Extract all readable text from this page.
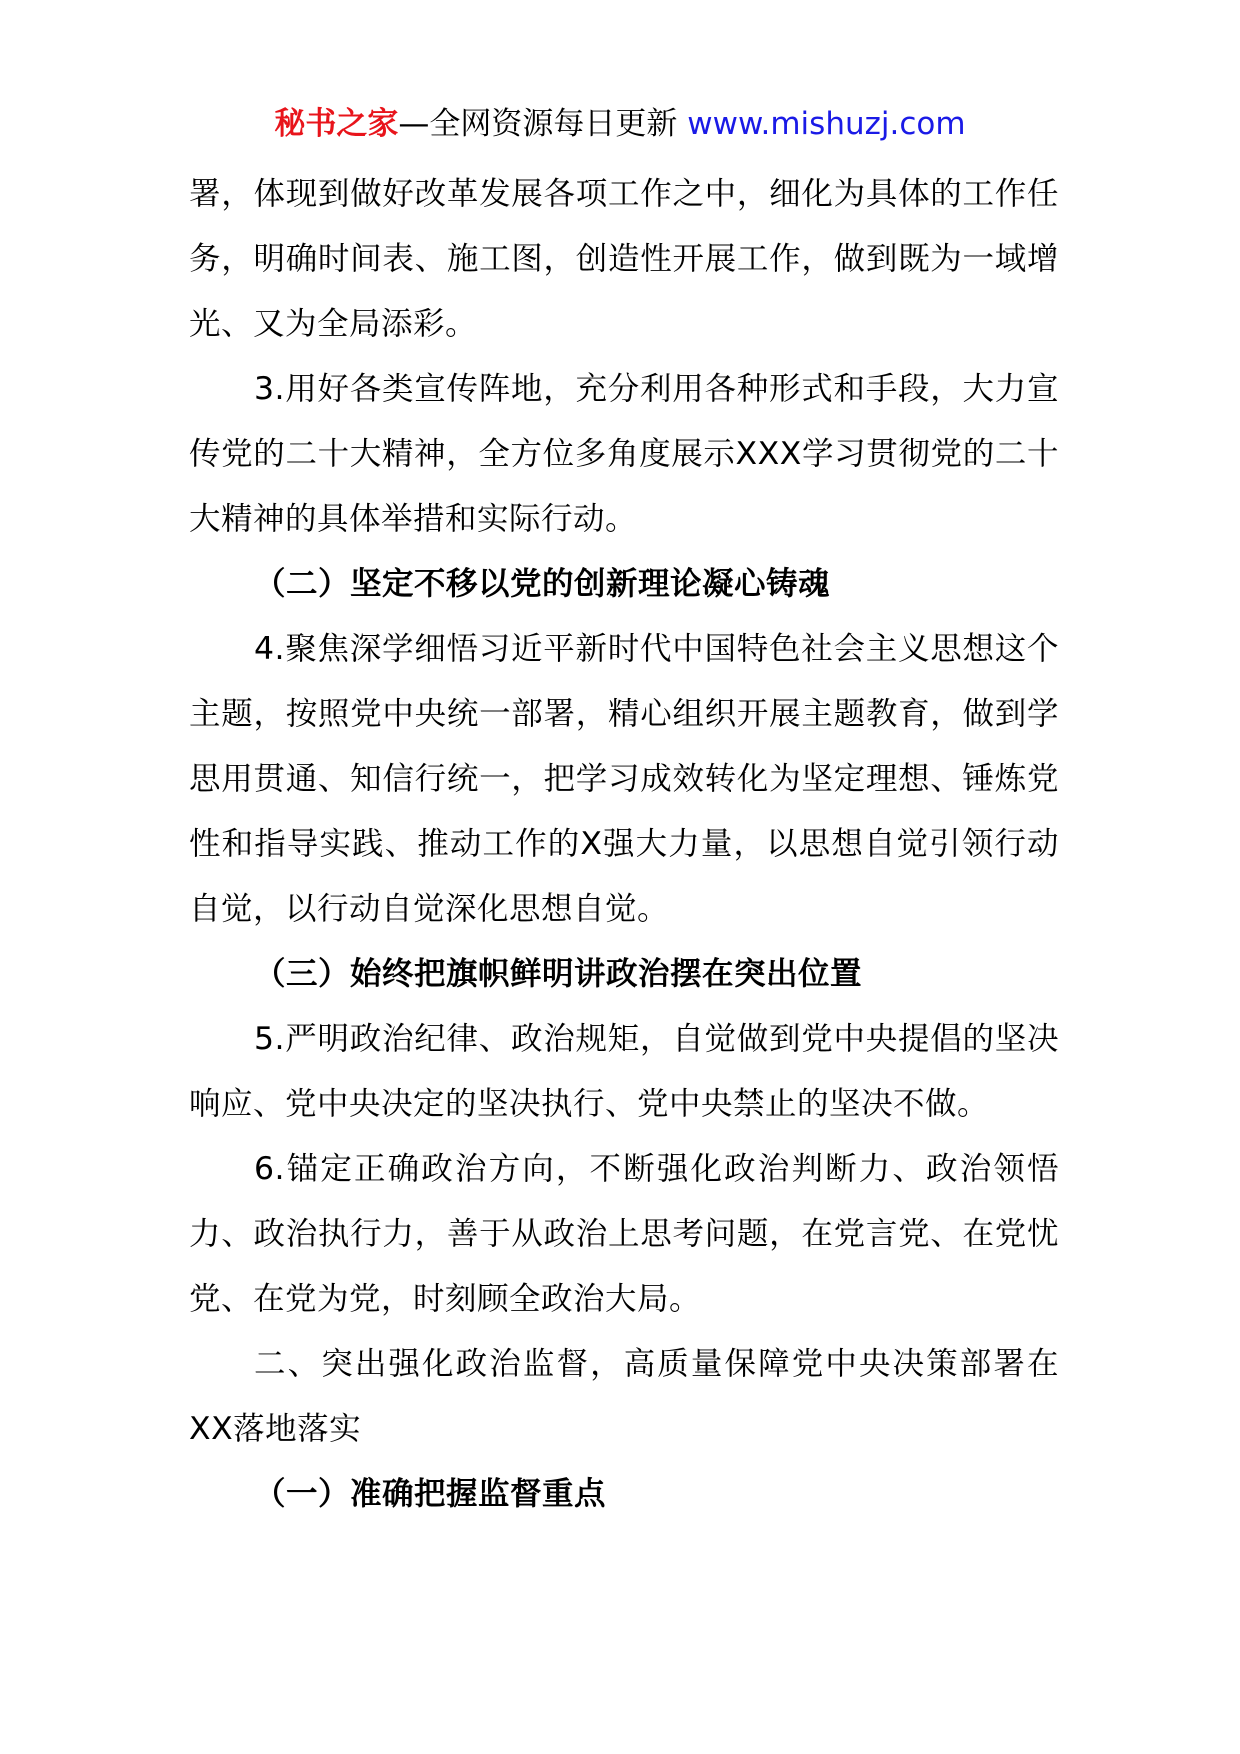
秘书之家—全网资源每日更新 www.mishuzj.com

署，体现到做好改革发展各项工作之中，细化为具体的工作任务，明确时间表、施工图，创造性开展工作，做到既为一域增光、又为全局添彩。

3.用好各类宣传阵地，充分利用各种形式和手段，大力宣传党的二十大精神，全方位多角度展示XXX学习贯彻党的二十大精神的具体举措和实际行动。

（二）坚定不移以党的创新理论凝心铸魂

4.聚焦深学细悟习近平新时代中国特色社会主义思想这个主题，按照党中央统一部署，精心组织开展主题教育，做到学思用贯通、知信行统一，把学习成效转化为坚定理想、锤炼党性和指导实践、推动工作的X强大力量，以思想自觉引领行动自觉，以行动自觉深化思想自觉。

（三）始终把旗帜鲜明讲政治摆在突出位置

5.严明政治纪律、政治规矩，自觉做到党中央提倡的坚决响应、党中央决定的坚决执行、党中央禁止的坚决不做。

6.锚定正确政治方向，不断强化政治判断力、政治领悟力、政治执行力，善于从政治上思考问题，在党言党、在党忧党、在党为党，时刻顾全政治大局。

二、突出强化政治监督，高质量保障党中央决策部署在XX落地落实

（一）准确把握监督重点
